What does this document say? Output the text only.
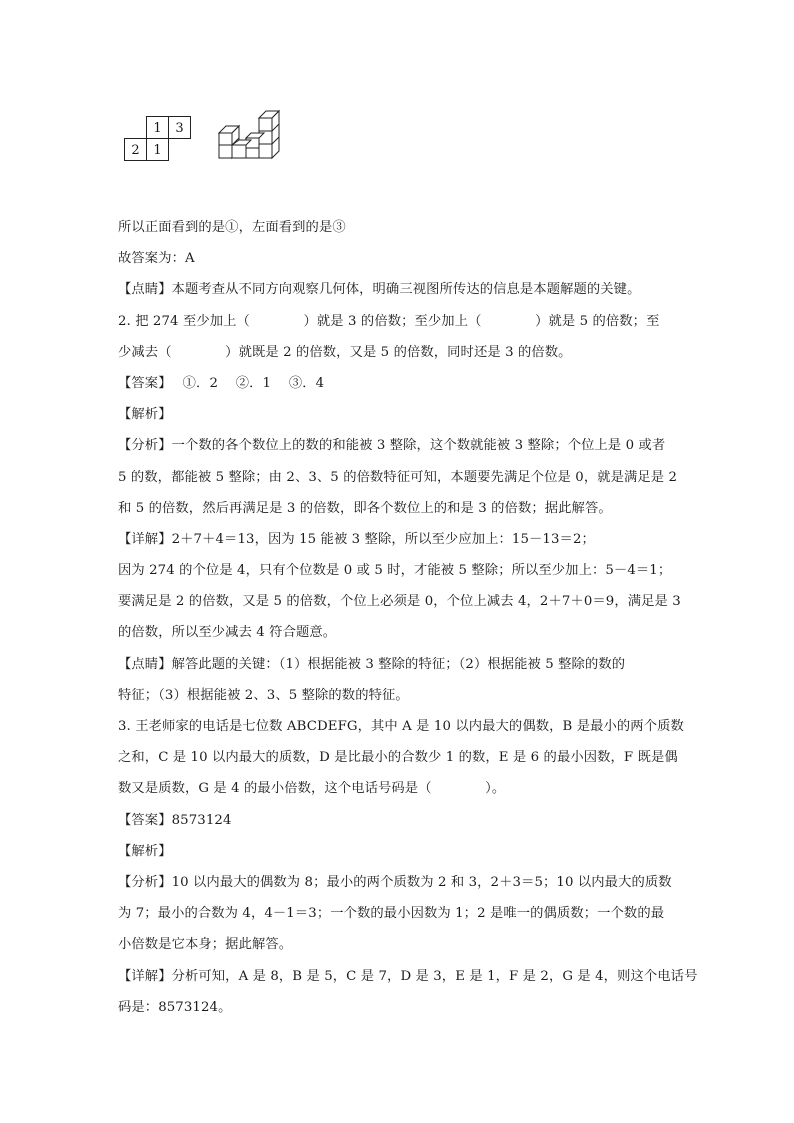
1	3
2	1
所以正面看到的是①，左面看到的是③
故答案为：A
【点睛】本题考查从不同方向观察几何体，明确三视图所传达的信息是本题解题的关键。
2. 把 274 至少加上（　　　　）就是 3 的倍数；至少加上（　　　　）就是 5 的倍数；至
少减去（　　　　）就既是 2 的倍数，又是 5 的倍数，同时还是 3 的倍数。
【答案】　 ①．2　 ②．1　 ③．4
【解析】
【分析】一个数的各个数位上的数的和能被 3 整除，这个数就能被 3 整除；个位上是 0 或者
5 的数，都能被 5 整除；由 2、3、5 的倍数特征可知，本题要先满足个位是 0，就是满足是 2
和 5 的倍数，然后再满足是 3 的倍数，即各个数位上的和是 3 的倍数；据此解答。
【详解】2＋7＋4＝13，因为 15 能被 3 整除，所以至少应加上：15－13＝2；
因为 274 的个位是 4，只有个位数是 0 或 5 时，才能被 5 整除；所以至少加上：5－4＝1；
要满足是 2 的倍数，又是 5 的倍数，个位上必须是 0，个位上减去 4，2＋7＋0＝9，满足是 3
的倍数，所以至少减去 4 符合题意。
【点睛】解答此题的关键：（1）根据能被 3 整除的特征；（2）根据能被 5 整除的数的
特征；（3）根据能被 2、3、5 整除的数的特征。
3. 王老师家的电话是七位数 ABCDEFG，其中 A 是 10 以内最大的偶数，B 是最小的两个质数
之和，C 是 10 以内最大的质数，D 是比最小的合数少 1 的数，E 是 6 的最小因数，F 既是偶
数又是质数，G 是 4 的最小倍数，这个电话号码是（　　　　）。
【答案】8573124
【解析】
【分析】10 以内最大的偶数为 8；最小的两个质数为 2 和 3，2＋3＝5；10 以内最大的质数
为 7；最小的合数为 4，4－1＝3；一个数的最小因数为 1；2 是唯一的偶质数；一个数的最
小倍数是它本身；据此解答。
【详解】分析可知，A 是 8，B 是 5，C 是 7，D 是 3，E 是 1，F 是 2，G 是 4，则这个电话号
码是：8573124。
